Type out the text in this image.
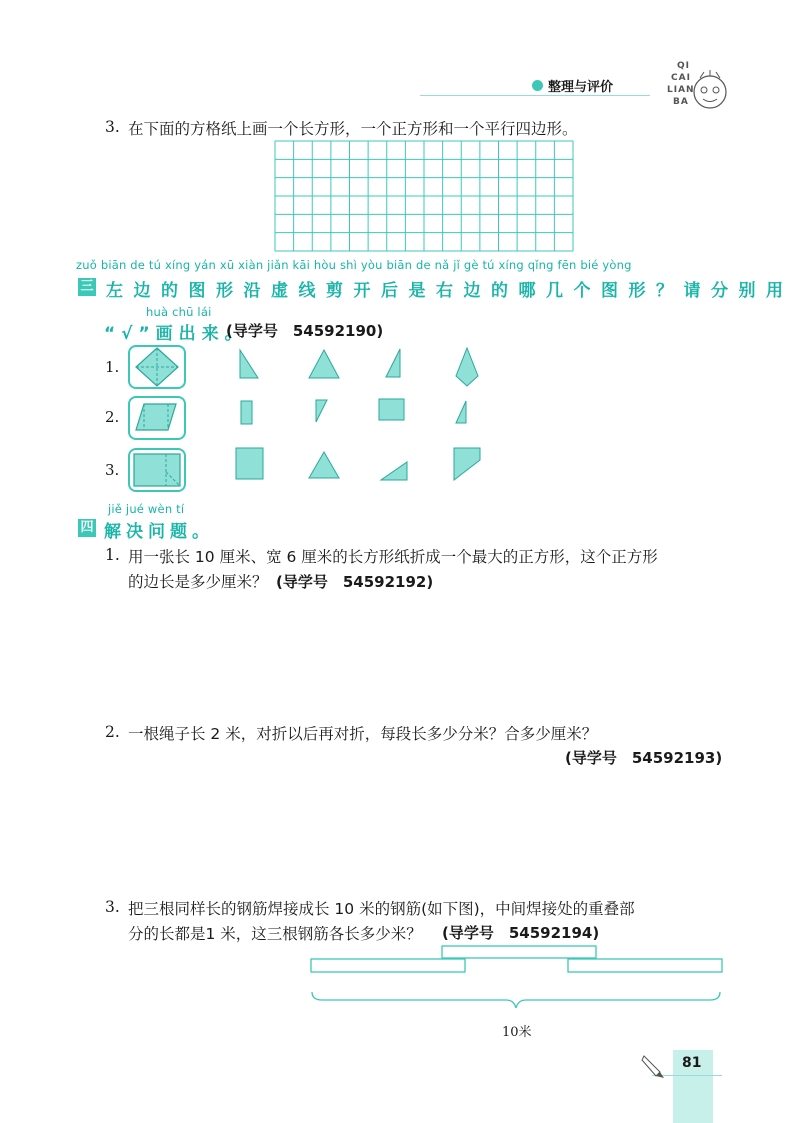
整理与评价
QI
CAI
LIAN
BA
3. 在下面的方格纸上画一个长方形，一个正方形和一个平行四边形。
zuǒ biān de tú xíng yán xū xiàn jiǎn kāi hòu shì yòu biān de nǎ jǐ gè tú xíng qǐng fēn bié yòng
三 左边的图形沿虚线剪开后是右边的哪几个图形？请分别用
huà chū lái
“√”画出来。
(导学号　54592190)
1.
2.
3.
jiě jué wèn tí
四 解决问题。
1. 用一张长 10 厘米、宽 6 厘米的长方形纸折成一个最大的正方形，这个正方形
的边长是多少厘米？ (导学号　54592192)
2. 一根绳子长 2 米，对折以后再对折，每段长多少分米？合多少厘米？
(导学号　54592193)
3. 把三根同样长的钢筋焊接成长 10 米的钢筋(如下图)，中间焊接处的重叠部
分的长都是1 米，这三根钢筋各长多少米？ (导学号　54592194)
10米
81
